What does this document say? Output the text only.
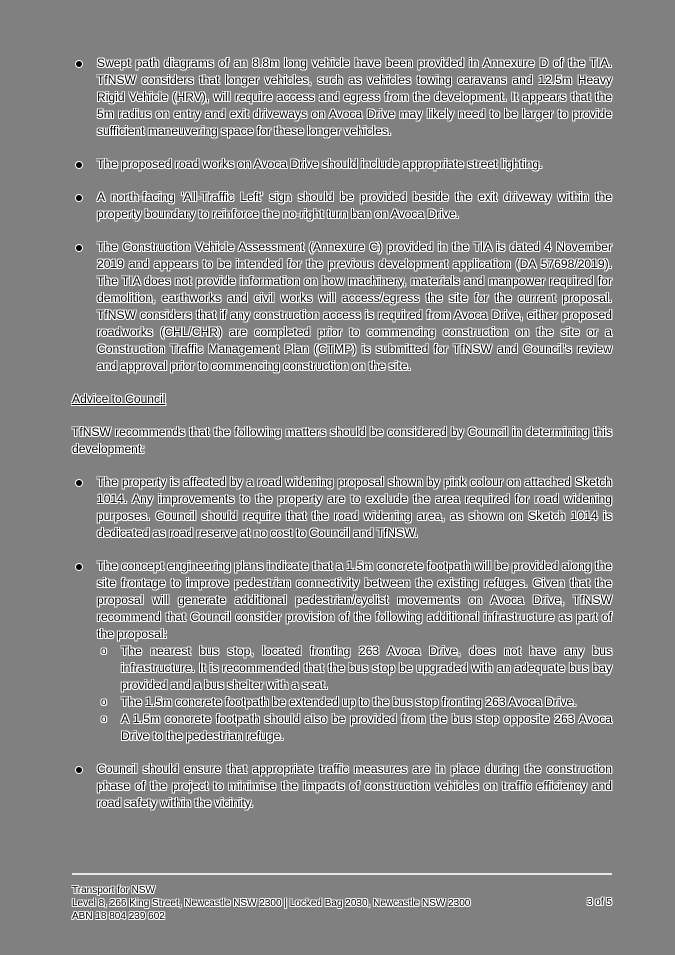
Swept path diagrams of an 8.8m long vehicle have been provided in Annexure D of the TIA. TfNSW considers that longer vehicles, such as vehicles towing caravans and 12.5m Heavy Rigid Vehicle (HRV), will require access and egress from the development. It appears that the 5m radius on entry and exit driveways on Avoca Drive may likely need to be larger to provide sufficient maneuvering space for these longer vehicles.
The proposed road works on Avoca Drive should include appropriate street lighting.
A north-facing 'All-Traffic Left' sign should be provided beside the exit driveway within the property boundary to reinforce the no-right turn ban on Avoca Drive.
The Construction Vehicle Assessment (Annexure C) provided in the TIA is dated 4 November 2019 and appears to be intended for the previous development application (DA 57698/2019). The TIA does not provide information on how machinery, materials and manpower required for demolition, earthworks and civil works will access/egress the site for the current proposal. TfNSW considers that if any construction access is required from Avoca Drive, either proposed roadworks (CHL/CHR) are completed prior to commencing construction on the site or a Construction Traffic Management Plan (CTMP) is submitted for TfNSW and Council's review and approval prior to commencing construction on the site.
Advice to Council

TfNSW recommends that the following matters should be considered by Council in determining this development:

The property is affected by a road widening proposal shown by pink colour on attached Sketch 1014. Any improvements to the property are to exclude the area required for road widening purposes. Council should require that the road widening area, as shown on Sketch 1014 is dedicated as road reserve at no cost to Council and TfNSW.
The concept engineering plans indicate that a 1.5m concrete footpath will be provided along the site frontage to improve pedestrian connectivity between the existing refuges. Given that the proposal will generate additional pedestrian/cyclist movements on Avoca Drive, TfNSW recommend that Council consider provision of the following additional infrastructure as part of the proposal:
o The nearest bus stop, located fronting 263 Avoca Drive, does not have any bus infrastructure. It is recommended that the bus stop be upgraded with an adequate bus bay provided and a bus shelter with a seat.
o The 1.5m concrete footpath be extended up to the bus stop fronting 263 Avoca Drive.
o A 1.5m concrete footpath should also be provided from the bus stop opposite 263 Avoca Drive to the pedestrian refuge.
Council should ensure that appropriate traffic measures are in place during the construction phase of the project to minimise the impacts of construction vehicles on traffic efficiency and road safety within the vicinity.
Transport for NSW
Level 8, 266 King Street, Newcastle NSW 2300 | Locked Bag 2030, Newcastle NSW 2300	3 of 5
ABN 18 804 239 602
